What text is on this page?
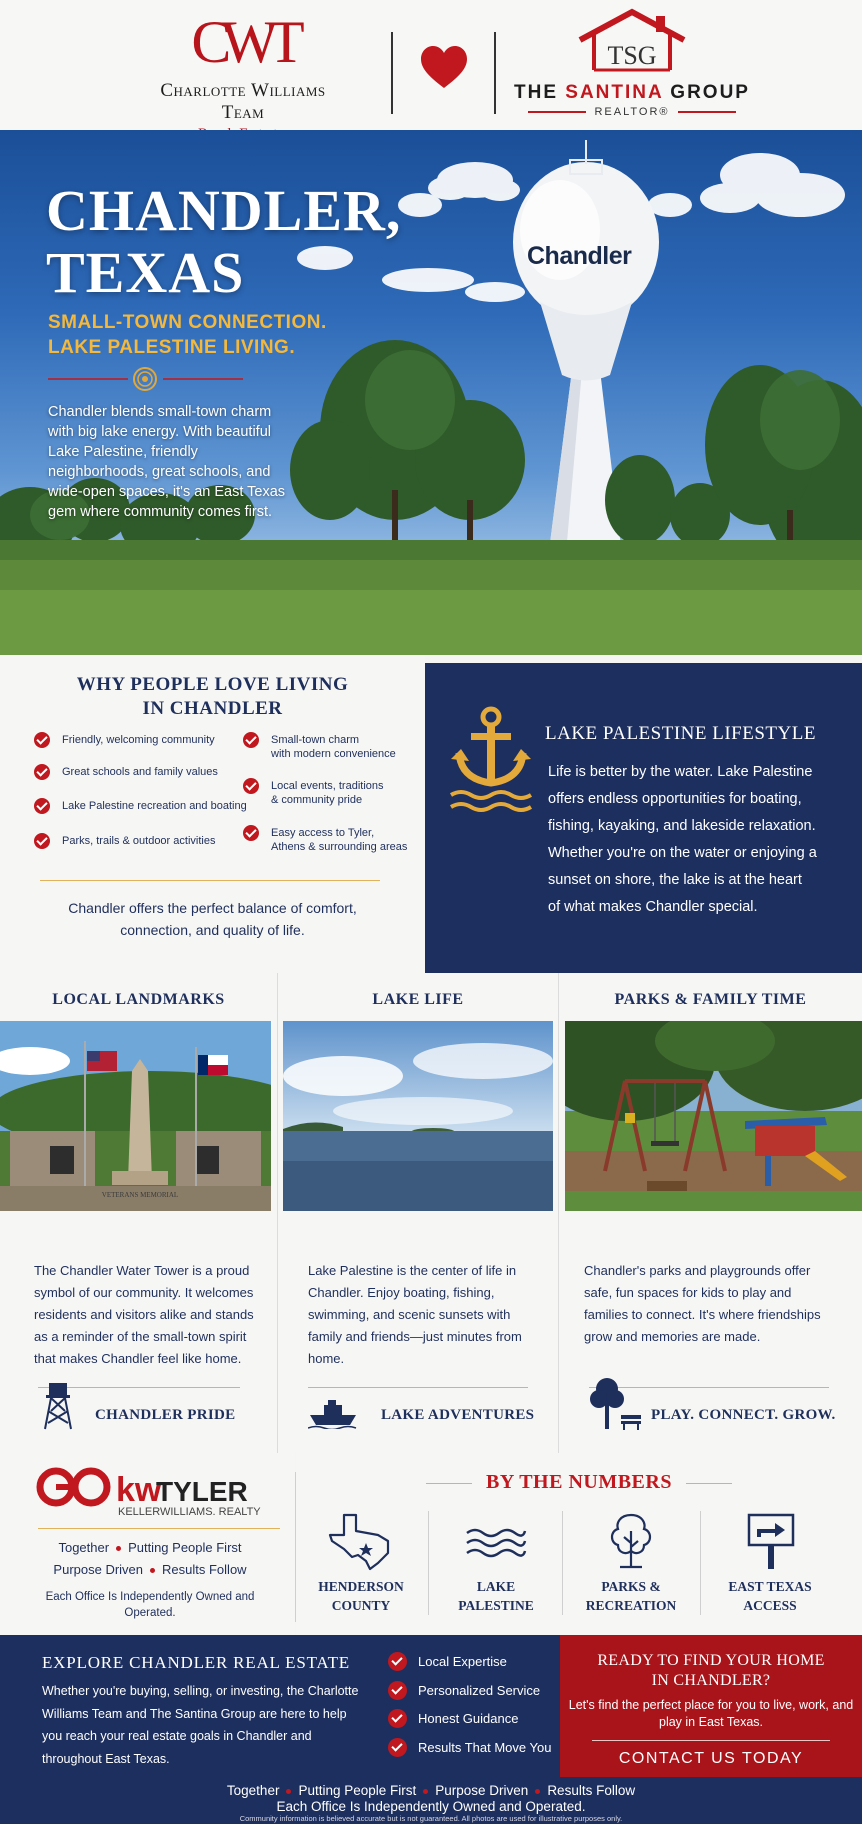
CWT
Charlotte Williams Team
TSG
THE SANTINA GROUP
REALTOR®
CHANDLER,
TEXAS
SMALL-TOWN CONNECTION.
LAKE PALESTINE LIVING.
Chandler blends small-town charm with big lake energy. With beautiful Lake Palestine, friendly neighborhoods, great schools, and wide-open spaces, it's an East Texas gem where community comes first.
Chandler
WHY PEOPLE LOVE LIVING
IN CHANDLER
Friendly, welcoming community
Great schools and family values
Lake Palestine recreation and boating
Parks, trails & outdoor activities
Small-town charm
with modern convenience
Local events, traditions
& community pride
Easy access to Tyler,
Athens & surrounding areas
Chandler offers the perfect balance of comfort, connection, and quality of life.
LAKE PALESTINE LIFESTYLE
Life is better by the water. Lake Palestine offers endless opportunities for boating, fishing, kayaking, and lakeside relaxation. Whether you're on the water or enjoying a sunset on shore, the lake is at the heart of what makes Chandler special.
LOCAL LANDMARKS
VETERANS MEMORIAL
The Chandler Water Tower is a proud symbol of our community. It welcomes residents and visitors alike and stands as a reminder of the small-town spirit that makes Chandler feel like home.
CHANDLER PRIDE
LAKE LIFE
Lake Palestine is the center of life in Chandler. Enjoy boating, fishing, swimming, and scenic sunsets with family and friends—just minutes from home.
LAKE ADVENTURES
PARKS & FAMILY TIME
Chandler's parks and playgrounds offer safe, fun spaces for kids to play and families to connect. It's where friendships grow and memories are made.
PLAY. CONNECT. GROW.
kw
TYLER
KELLERWILLIAMS. REALTY
Together Putting People First
Purpose Driven Results Follow
Each Office Is Independently Owned and Operated.
BY THE NUMBERS
HENDERSON
COUNTY
LAKE
PALESTINE
PARKS &
RECREATION
EAST TEXAS
ACCESS
EXPLORE CHANDLER REAL ESTATE
Whether you're buying, selling, or investing, the Charlotte Williams Team and The Santina Group are here to help you reach your real estate goals in Chandler and throughout East Texas.
Local Expertise
Personalized Service
Honest Guidance
Results That Move You
READY TO FIND YOUR HOME
IN CHANDLER?
Let's find the perfect place for you to live, work, and play in East Texas.
CONTACT US TODAY
Together Putting People First Purpose Driven Results Follow
Each Office Is Independently Owned and Operated.
Community information is believed accurate but is not guaranteed. All photos are used for illustrative purposes only.
